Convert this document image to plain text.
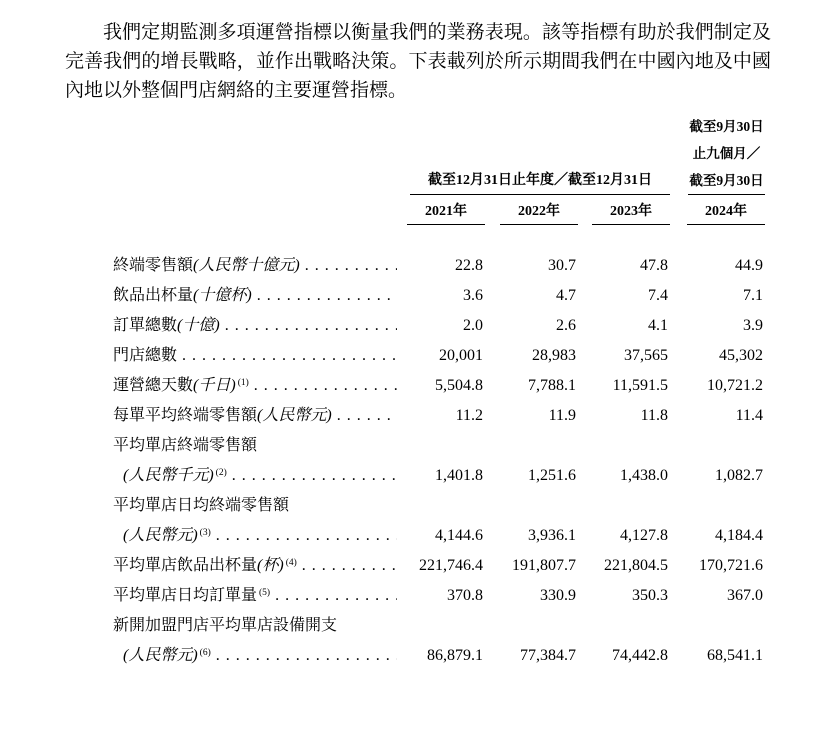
我們定期監測多項運營指標以衡量我們的業務表現。該等指標有助於我們制定及完善我們的增長戰略，並作出戰略決策。下表載列於所示期間我們在中國內地及中國內地以外整個門店網絡的主要運營指標。

截至12月31日止年度／截至12月31日
截至9月30日
止九個月／
截至9月30日
2021年	2022年	2023年	2024年
終端零售額(人民幣十億元) .....	22.8	30.7	47.8	44.9
飲品出杯量(十億杯) .....	3.6	4.7	7.4	7.1
訂單總數(十億) .....	2.0	2.6	4.1	3.9
門店總數 .....	20,001	28,983	37,565	45,302
運營總天數(千日) $^{(1)}$ .....	5,504.8	7,788.1	11,591.5	10,721.2
每單平均終端零售額(人民幣元) .....	11.2	11.9	11.8	11.4
平均單店終端零售額
(人民幣千元) $^{(2)}$ .....	1,401.8	1,251.6	1,438.0	1,082.7
平均單店日均終端零售額
(人民幣元) $^{(3)}$ .....	4,144.6	3,936.1	4,127.8	4,184.4
平均單店飲品出杯量(杯) $^{(4)}$ .....	221,746.4	191,807.7	221,804.5	170,721.6
平均單店日均訂單量 $^{(5)}$ .....	370.8	330.9	350.3	367.0
新開加盟門店平均單店設備開支
(人民幣元) $^{(6)}$ .....	86,879.1	77,384.7	74,442.8	68,541.1
